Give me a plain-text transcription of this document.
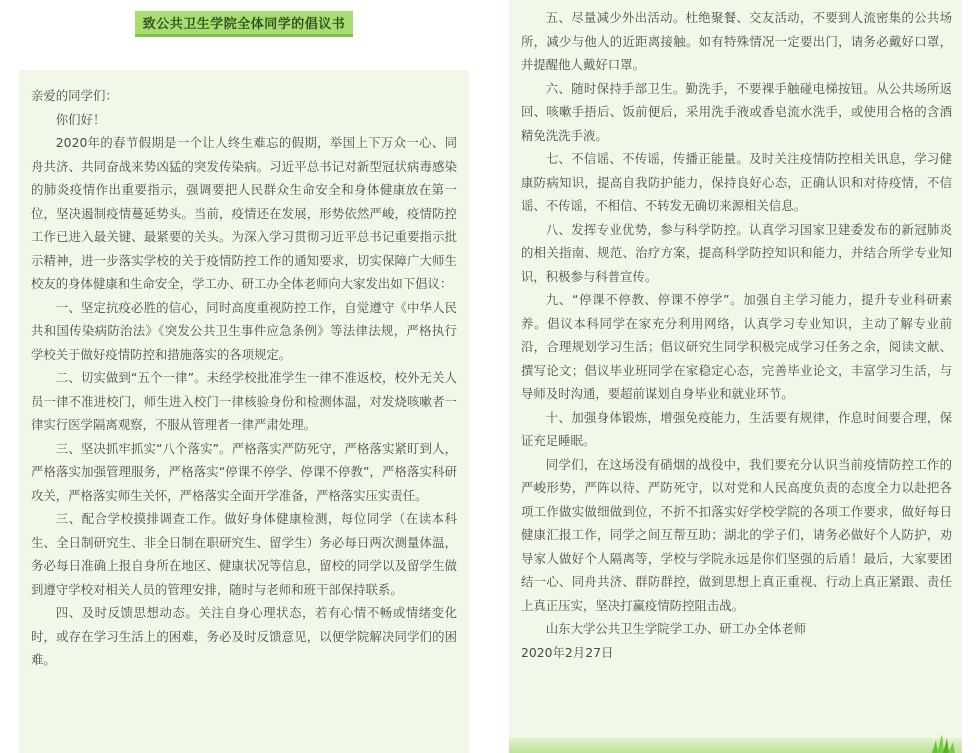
致公共卫生学院全体同学的倡议书

亲爱的同学们：

你们好！

2020年的春节假期是一个让人终生难忘的假期，举国上下万众一心、同舟共济、共同奋战来势凶猛的突发传染病。习近平总书记对新型冠状病毒感染的肺炎疫情作出重要指示，强调要把人民群众生命安全和身体健康放在第一位，坚决遏制疫情蔓延势头。当前，疫情还在发展，形势依然严峻，疫情防控工作已进入最关键、最紧要的关头。为深入学习贯彻习近平总书记重要指示批示精神，进一步落实学校的关于疫情防控工作的通知要求，切实保障广大师生校友的身体健康和生命安全，学工办、研工办全体老师向大家发出如下倡议：

一、坚定抗疫必胜的信心，同时高度重视防控工作，自觉遵守《中华人民共和国传染病防治法》《突发公共卫生事件应急条例》等法律法规，严格执行学校关于做好疫情防控和措施落实的各项规定。

二、切实做到“五个一律”。未经学校批准学生一律不准返校，校外无关人员一律不准进校门，师生进入校门一律核验身份和检测体温，对发烧咳嗽者一律实行医学隔离观察，不服从管理者一律严肃处理。

三、坚决抓牢抓实“八个落实”。严格落实严防死守，严格落实紧盯到人，严格落实加强管理服务，严格落实“停课不停学、停课不停教”，严格落实科研攻关，严格落实师生关怀，严格落实全面开学准备，严格落实压实责任。

三、配合学校摸排调查工作。做好身体健康检测，每位同学（在读本科生、全日制研究生、非全日制在职研究生、留学生）务必每日两次测量体温，务必每日准确上报自身所在地区、健康状况等信息，留校的同学以及留学生做到遵守学校对相关人员的管理安排，随时与老师和班干部保持联系。

四、及时反馈思想动态。关注自身心理状态，若有心情不畅或情绪变化时，或存在学习生活上的困难，务必及时反馈意见，以便学院解决同学们的困难。

五、尽量减少外出活动。杜绝聚餐、交友活动，不要到人流密集的公共场所，减少与他人的近距离接触。如有特殊情况一定要出门，请务必戴好口罩，并提醒他人戴好口罩。

六、随时保持手部卫生。勤洗手，不要裸手触碰电梯按钮。从公共场所返回、咳嗽手捂后、饭前便后，采用洗手液或香皂流水洗手，或使用合格的含酒精免洗洗手液。

七、不信谣、不传谣，传播正能量。及时关注疫情防控相关讯息，学习健康防病知识，提高自我防护能力，保持良好心态，正确认识和对待疫情，不信谣、不传谣，不相信、不转发无确切来源相关信息。

八、发挥专业优势，参与科学防控。认真学习国家卫建委发布的新冠肺炎的相关指南、规范、治疗方案，提高科学防控知识和能力，并结合所学专业知识，积极参与科普宣传。

九、“停课不停教、停课不停学”。加强自主学习能力，提升专业科研素养。倡议本科同学在家充分利用网络，认真学习专业知识，主动了解专业前沿，合理规划学习生活；倡议研究生同学积极完成学习任务之余，阅读文献、撰写论文；倡议毕业班同学在家稳定心态，完善毕业论文，丰富学习生活，与导师及时沟通，要超前谋划自身毕业和就业环节。

十、加强身体锻炼，增强免疫能力，生活要有规律，作息时间要合理，保证充足睡眠。

同学们，在这场没有硝烟的战役中，我们要充分认识当前疫情防控工作的严峻形势，严阵以待、严防死守，以对党和人民高度负责的态度全力以赴把各项工作做实做细做到位，不折不扣落实好学校学院的各项工作要求，做好每日健康汇报工作，同学之间互帮互助；湖北的学子们，请务必做好个人防护，劝导家人做好个人隔离等，学校与学院永远是你们坚强的后盾！最后，大家要团结一心、同舟共济、群防群控，做到思想上真正重视、行动上真正紧跟、责任上真正压实，坚决打赢疫情防控阻击战。

山东大学公共卫生学院学工办、研工办全体老师

2020年2月27日
